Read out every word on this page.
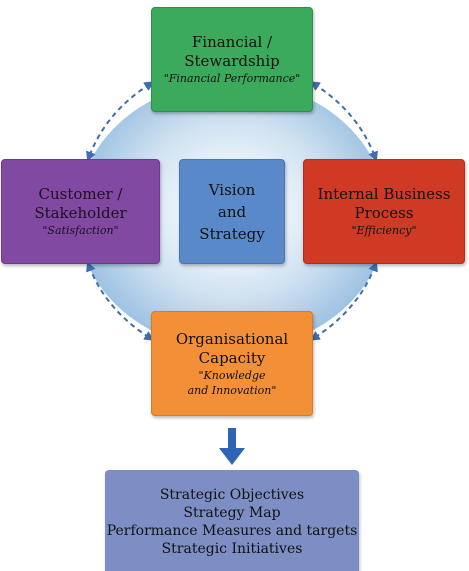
Financial /
Stewardship
"Financial Performance"
Customer /
Stakeholder
"Satisfaction"
Vision
and
Strategy
Internal Business
Process
"Efficiency"
Organisational
Capacity
"Knowledge
and Innovation"
Strategic Objectives
Strategy Map
Performance Measures and targets
Strategic Initiatives
